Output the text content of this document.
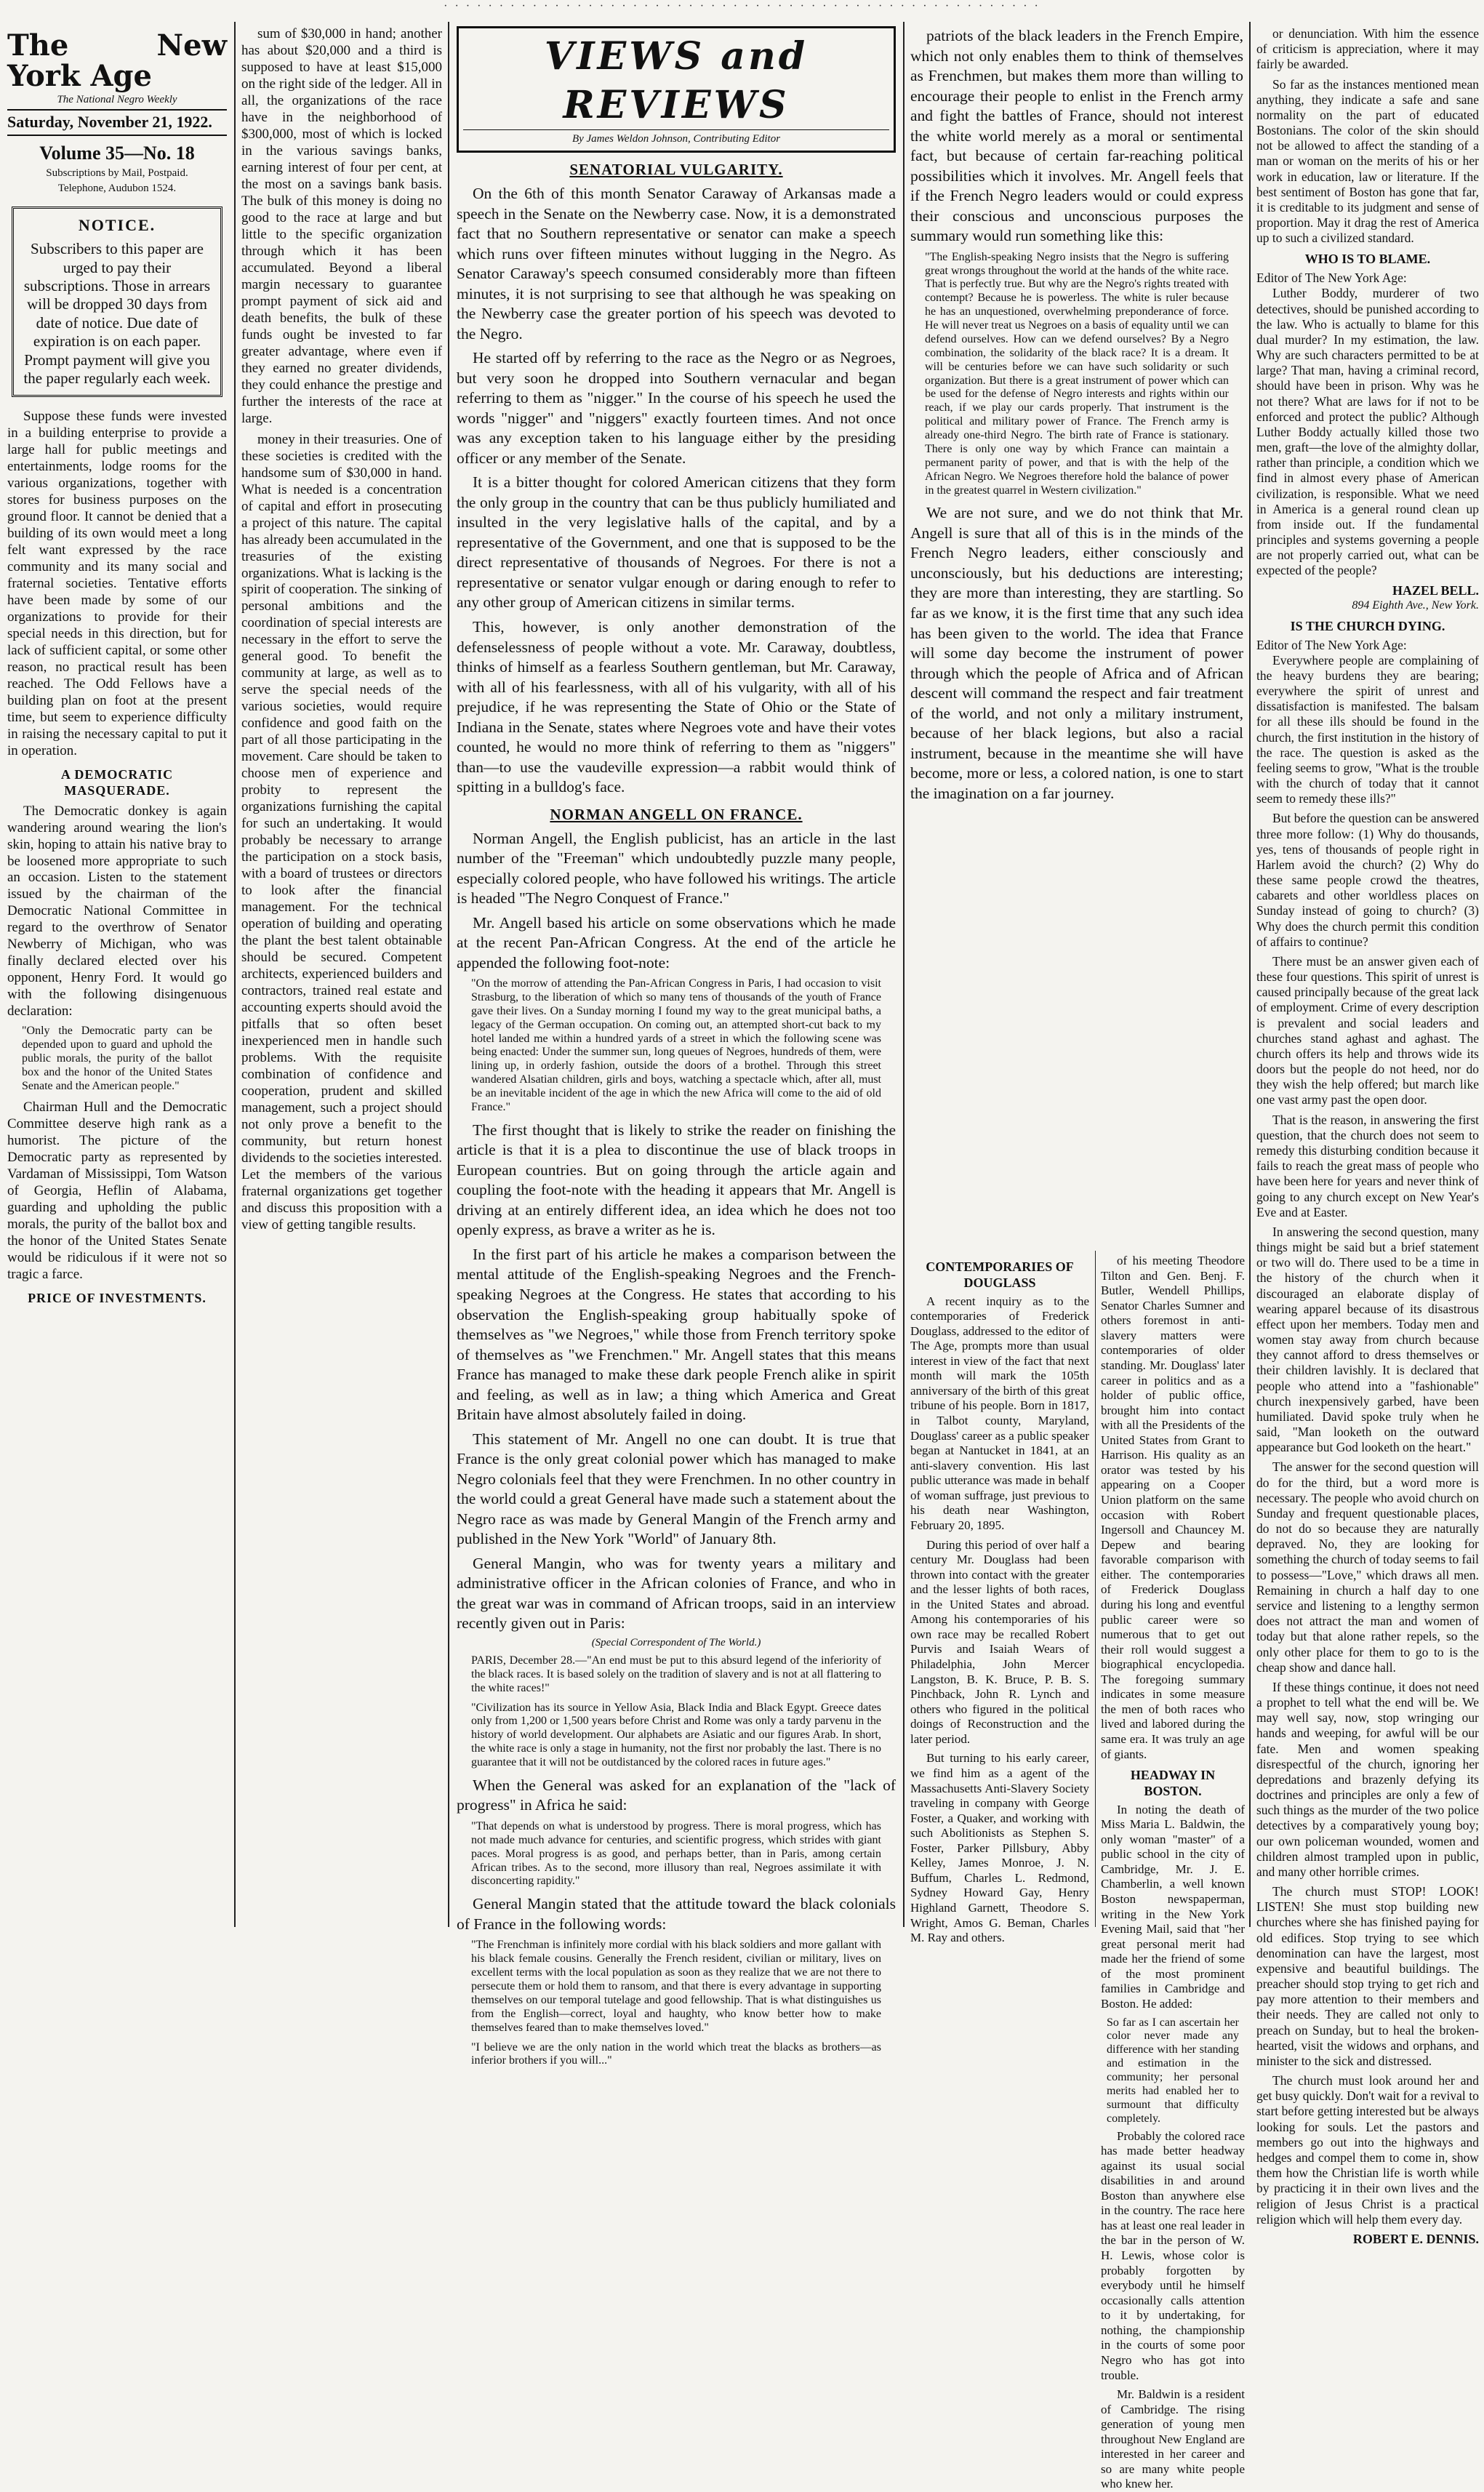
· · · · · · · · · · · · · · · · · · · · · · · · · · · · · · · · · · · · · · · · · · · · · · · · · · · · · ·
The New York Age
The National Negro Weekly
Saturday, November 21, 1922.
Volume 35—No. 18
Subscriptions by Mail, Postpaid.
Telephone, Audubon 1524.
NOTICE.
Subscribers to this paper are urged to pay their subscriptions. Those in arrears will be dropped 30 days from date of notice. Due date of expiration is on each paper. Prompt payment will give you the paper regularly each week.

Suppose these funds were invested in a building enterprise to provide a large hall for public meetings and entertainments, lodge rooms for the various organizations, together with stores for business purposes on the ground floor. It cannot be denied that a building of its own would meet a long felt want expressed by the race community and its many social and fraternal societies. Tentative efforts have been made by some of our organizations to provide for their special needs in this direction, but for lack of sufficient capital, or some other reason, no practical result has been reached. The Odd Fellows have a building plan on foot at the present time, but seem to experience difficulty in raising the necessary capital to put it in operation.

A DEMOCRATIC MASQUERADE.

The Democratic donkey is again wandering around wearing the lion's skin, hoping to attain his native bray to be loosened more appropriate to such an occasion. Listen to the statement issued by the chairman of the Democratic National Committee in regard to the overthrow of Senator Newberry of Michigan, who was finally declared elected over his opponent, Henry Ford. It would go with the following disingenuous declaration:

"Only the Democratic party can be depended upon to guard and uphold the public morals, the purity of the ballot box and the honor of the United States Senate and the American people."

Chairman Hull and the Democratic Committee deserve high rank as a humorist. The picture of the Democratic party as represented by Vardaman of Mississippi, Tom Watson of Georgia, Heflin of Alabama, guarding and upholding the public morals, the purity of the ballot box and the honor of the United States Senate would be ridiculous if it were not so tragic a farce.

PRICE OF INVESTMENTS.

sum of $30,000 in hand; another has about $20,000 and a third is supposed to have at least $15,000 on the right side of the ledger. All in all, the organizations of the race have in the neighborhood of $300,000, most of which is locked in the various savings banks, earning interest of four per cent, at the most on a savings bank basis. The bulk of this money is doing no good to the race at large and but little to the specific organization through which it has been accumulated. Beyond a liberal margin necessary to guarantee prompt payment of sick aid and death benefits, the bulk of these funds ought be invested to far greater advantage, where even if they earned no greater dividends, they could enhance the prestige and further the interests of the race at large.

money in their treasuries. One of these societies is credited with the handsome sum of $30,000 in hand. What is needed is a concentration of capital and effort in prosecuting a project of this nature. The capital has already been accumulated in the treasuries of the existing organizations. What is lacking is the spirit of cooperation. The sinking of personal ambitions and the coordination of special interests are necessary in the effort to serve the general good. To benefit the community at large, as well as to serve the special needs of the various societies, would require confidence and good faith on the part of all those participating in the movement. Care should be taken to choose men of experience and probity to represent the organizations furnishing the capital for such an undertaking. It would probably be necessary to arrange the participation on a stock basis, with a board of trustees or directors to look after the financial management. For the technical operation of building and operating the plant the best talent obtainable should be secured. Competent architects, experienced builders and contractors, trained real estate and accounting experts should avoid the pitfalls that so often beset inexperienced men in handle such problems. With the requisite combination of confidence and cooperation, prudent and skilled management, such a project should not only prove a benefit to the community, but return honest dividends to the societies interested. Let the members of the various fraternal organizations get together and discuss this proposition with a view of getting tangible results.

VIEWS and REVIEWS
By James Weldon Johnson, Contributing Editor
SENATORIAL VULGARITY.

On the 6th of this month Senator Caraway of Arkansas made a speech in the Senate on the Newberry case. Now, it is a demonstrated fact that no Southern representative or senator can make a speech which runs over fifteen minutes without lugging in the Negro. As Senator Caraway's speech consumed considerably more than fifteen minutes, it is not surprising to see that although he was speaking on the Newberry case the greater portion of his speech was devoted to the Negro.

He started off by referring to the race as the Negro or as Negroes, but very soon he dropped into Southern vernacular and began referring to them as "nigger." In the course of his speech he used the words "nigger" and "niggers" exactly fourteen times. And not once was any exception taken to his language either by the presiding officer or any member of the Senate.

It is a bitter thought for colored American citizens that they form the only group in the country that can be thus publicly humiliated and insulted in the very legislative halls of the capital, and by a representative of the Government, and one that is supposed to be the direct representative of thousands of Negroes. For there is not a representative or senator vulgar enough or daring enough to refer to any other group of American citizens in similar terms.

This, however, is only another demonstration of the defenselessness of people without a vote. Mr. Caraway, doubtless, thinks of himself as a fearless Southern gentleman, but Mr. Caraway, with all of his fearlessness, with all of his vulgarity, with all of his prejudice, if he was representing the State of Ohio or the State of Indiana in the Senate, states where Negroes vote and have their votes counted, he would no more think of referring to them as "niggers" than—to use the vaudeville expression—a rabbit would think of spitting in a bulldog's face.

NORMAN ANGELL ON FRANCE.

Norman Angell, the English publicist, has an article in the last number of the "Freeman" which undoubtedly puzzle many people, especially colored people, who have followed his writings. The article is headed "The Negro Conquest of France."

Mr. Angell based his article on some observations which he made at the recent Pan-African Congress. At the end of the article he appended the following foot-note:

"On the morrow of attending the Pan-African Congress in Paris, I had occasion to visit Strasburg, to the liberation of which so many tens of thousands of the youth of France gave their lives. On a Sunday morning I found my way to the great municipal baths, a legacy of the German occupation. On coming out, an attempted short-cut back to my hotel landed me within a hundred yards of a street in which the following scene was being enacted: Under the summer sun, long queues of Negroes, hundreds of them, were lining up, in orderly fashion, outside the doors of a brothel. Through this street wandered Alsatian children, girls and boys, watching a spectacle which, after all, must be an inevitable incident of the age in which the new Africa will come to the aid of old France."

The first thought that is likely to strike the reader on finishing the article is that it is a plea to discontinue the use of black troops in European countries. But on going through the article again and coupling the foot-note with the heading it appears that Mr. Angell is driving at an entirely different idea, an idea which he does not too openly express, as brave a writer as he is.

In the first part of his article he makes a comparison between the mental attitude of the English-speaking Negroes and the French-speaking Negroes at the Congress. He states that according to his observation the English-speaking group habitually spoke of themselves as "we Negroes," while those from French territory spoke of themselves as "we Frenchmen." Mr. Angell states that this means France has managed to make these dark people French alike in spirit and feeling, as well as in law; a thing which America and Great Britain have almost absolutely failed in doing.

This statement of Mr. Angell no one can doubt. It is true that France is the only great colonial power which has managed to make Negro colonials feel that they were Frenchmen. In no other country in the world could a great General have made such a statement about the Negro race as was made by General Mangin of the French army and published in the New York "World" of January 8th.

General Mangin, who was for twenty years a military and administrative officer in the African colonies of France, and who in the great war was in command of African troops, said in an interview recently given out in Paris:

(Special Correspondent of The World.)
PARIS, December 28.—"An end must be put to this absurd legend of the inferiority of the black races. It is based solely on the tradition of slavery and is not at all flattering to the white races!"
"Civilization has its source in Yellow Asia, Black India and Black Egypt. Greece dates only from 1,200 or 1,500 years before Christ and Rome was only a tardy parvenu in the history of world development. Our alphabets are Asiatic and our figures Arab. In short, the white race is only a stage in humanity, not the first nor probably the last. There is no guarantee that it will not be outdistanced by the colored races in future ages."

When the General was asked for an explanation of the "lack of progress" in Africa he said:

"That depends on what is understood by progress. There is moral progress, which has not made much advance for centuries, and scientific progress, which strides with giant paces. Moral progress is as good, and perhaps better, than in Paris, among certain African tribes. As to the second, more illusory than real, Negroes assimilate it with disconcerting rapidity."

General Mangin stated that the attitude toward the black colonials of France in the following words:

"The Frenchman is infinitely more cordial with his black soldiers and more gallant with his black female cousins. Generally the French resident, civilian or military, lives on excellent terms with the local population as soon as they realize that we are not there to persecute them or hold them to ransom, and that there is every advantage in supporting themselves on our temporal tutelage and good fellowship. That is what distinguishes us from the English—correct, loyal and haughty, who know better how to make themselves feared than to make themselves loved."
"I believe we are the only nation in the world which treat the blacks as brothers—as inferior brothers if you will..."

patriots of the black leaders in the French Empire, which not only enables them to think of themselves as Frenchmen, but makes them more than willing to encourage their people to enlist in the French army and fight the battles of France, should not interest the white world merely as a moral or sentimental fact, but because of certain far-reaching political possibilities which it involves. Mr. Angell feels that if the French Negro leaders would or could express their conscious and unconscious purposes the summary would run something like this:

"The English-speaking Negro insists that the Negro is suffering great wrongs throughout the world at the hands of the white race. That is perfectly true. But why are the Negro's rights treated with contempt? Because he is powerless. The white is ruler because he has an unquestioned, overwhelming preponderance of force. He will never treat us Negroes on a basis of equality until we can defend ourselves. How can we defend ourselves? By a Negro combination, the solidarity of the black race? It is a dream. It will be centuries before we can have such solidarity or such organization. But there is a great instrument of power which can be used for the defense of Negro interests and rights within our reach, if we play our cards properly. That instrument is the political and military power of France. The French army is already one-third Negro. The birth rate of France is stationary. There is only one way by which France can maintain a permanent parity of power, and that is with the help of the African Negro. We Negroes therefore hold the balance of power in the greatest quarrel in Western civilization."

We are not sure, and we do not think that Mr. Angell is sure that all of this is in the minds of the French Negro leaders, either consciously and unconsciously, but his deductions are interesting; they are more than interesting, they are startling. So far as we know, it is the first time that any such idea has been given to the world. The idea that France will some day become the instrument of power through which the people of Africa and of African descent will command the respect and fair treatment of the world, and not only a military instrument, because of her black legions, but also a racial instrument, because in the meantime she will have become, more or less, a colored nation, is one to start the imagination on a far journey.

CONTEMPORARIES OF DOUGLASS

A recent inquiry as to the contemporaries of Frederick Douglass, addressed to the editor of The Age, prompts more than usual interest in view of the fact that next month will mark the 105th anniversary of the birth of this great tribune of his people. Born in 1817, in Talbot county, Maryland, Douglass' career as a public speaker began at Nantucket in 1841, at an anti-slavery convention. His last public utterance was made in behalf of woman suffrage, just previous to his death near Washington, February 20, 1895.

During this period of over half a century Mr. Douglass had been thrown into contact with the greater and the lesser lights of both races, in the United States and abroad. Among his contemporaries of his own race may be recalled Robert Purvis and Isaiah Wears of Philadelphia, John Mercer Langston, B. K. Bruce, P. B. S. Pinchback, John R. Lynch and others who figured in the political doings of Reconstruction and the later period.

But turning to his early career, we find him as a agent of the Massachusetts Anti-Slavery Society traveling in company with George Foster, a Quaker, and working with such Abolitionists as Stephen S. Foster, Parker Pillsbury, Abby Kelley, James Monroe, J. N. Buffum, Charles L. Redmond, Sydney Howard Gay, Henry Highland Garnett, Theodore S. Wright, Amos G. Beman, Charles M. Ray and others.

of his meeting Theodore Tilton and Gen. Benj. F. Butler, Wendell Phillips, Senator Charles Sumner and others foremost in anti-slavery matters were contemporaries of older standing. Mr. Douglass' later career in politics and as a holder of public office, brought him into contact with all the Presidents of the United States from Grant to Harrison. His quality as an orator was tested by his appearing on a Cooper Union platform on the same occasion with Robert Ingersoll and Chauncey M. Depew and bearing favorable comparison with either. The contemporaries of Frederick Douglass during his long and eventful public career were so numerous that to get out their roll would suggest a biographical encyclopedia. The foregoing summary indicates in some measure the men of both races who lived and labored during the same era. It was truly an age of giants.

HEADWAY IN BOSTON.

In noting the death of Miss Maria L. Baldwin, the only woman "master" of a public school in the city of Cambridge, Mr. J. E. Chamberlin, a well known Boston newspaperman, writing in the New York Evening Mail, said that "her great personal merit had made her the friend of some of the most prominent families in Cambridge and Boston. He added:

So far as I can ascertain her color never made any difference with her standing and estimation in the community; her personal merits had enabled her to surmount that difficulty completely.

Probably the colored race has made better headway against its usual social disabilities in and around Boston than anywhere else in the country. The race here has at least one real leader in the bar in the person of W. H. Lewis, whose color is probably forgotten by everybody until he himself occasionally calls attention to it by undertaking, for nothing, the championship in the courts of some poor Negro who has got into trouble.

Mr. Baldwin is a resident of Cambridge. The rising generation of young men throughout New England are interested in her career and so are many white people who knew her.

or denunciation. With him the essence of criticism is appreciation, where it may fairly be awarded.

So far as the instances mentioned mean anything, they indicate a safe and sane normality on the part of educated Bostonians. The color of the skin should not be allowed to affect the standing of a man or woman on the merits of his or her work in education, law or literature. If the best sentiment of Boston has gone that far, it is creditable to its judgment and sense of proportion. May it drag the rest of America up to such a civilized standard.

WHO IS TO BLAME.
Editor of The New York Age:

Luther Boddy, murderer of two detectives, should be punished according to the law. Who is actually to blame for this dual murder? In my estimation, the law. Why are such characters permitted to be at large? That man, having a criminal record, should have been in prison. Why was he not there? What are laws for if not to be enforced and protect the public? Although Luther Boddy actually killed those two men, graft—the love of the almighty dollar, rather than principle, a condition which we find in almost every phase of American civilization, is responsible. What we need in America is a general round clean up from inside out. If the fundamental principles and systems governing a people are not properly carried out, what can be expected of the people?

HAZEL BELL.
894 Eighth Ave., New York.
IS THE CHURCH DYING.
Editor of The New York Age:

Everywhere people are complaining of the heavy burdens they are bearing; everywhere the spirit of unrest and dissatisfaction is manifested. The balsam for all these ills should be found in the church, the first institution in the history of the race. The question is asked as the feeling seems to grow, "What is the trouble with the church of today that it cannot seem to remedy these ills?"

But before the question can be answered three more follow: (1) Why do thousands, yes, tens of thousands of people right in Harlem avoid the church? (2) Why do these same people crowd the theatres, cabarets and other worldless places on Sunday instead of going to church? (3) Why does the church permit this condition of affairs to continue?

There must be an answer given each of these four questions. This spirit of unrest is caused principally because of the great lack of employment. Crime of every description is prevalent and social leaders and churches stand aghast and aghast. The church offers its help and throws wide its doors but the people do not heed, nor do they wish the help offered; but march like one vast army past the open door.

That is the reason, in answering the first question, that the church does not seem to remedy this disturbing condition because it fails to reach the great mass of people who have been here for years and never think of going to any church except on New Year's Eve and at Easter.

In answering the second question, many things might be said but a brief statement or two will do. There used to be a time in the history of the church when it discouraged an elaborate display of wearing apparel because of its disastrous effect upon her members. Today men and women stay away from church because they cannot afford to dress themselves or their children lavishly. It is declared that people who attend into a "fashionable" church inexpensively garbed, have been humiliated. David spoke truly when he said, "Man looketh on the outward appearance but God looketh on the heart."

The answer for the second question will do for the third, but a word more is necessary. The people who avoid church on Sunday and frequent questionable places, do not do so because they are naturally depraved. No, they are looking for something the church of today seems to fail to possess—"Love," which draws all men. Remaining in church a half day to one service and listening to a lengthy sermon does not attract the man and women of today but that alone rather repels, so the only other place for them to go to is the cheap show and dance hall.

If these things continue, it does not need a prophet to tell what the end will be. We may well say, now, stop wringing our hands and weeping, for awful will be our fate. Men and women speaking disrespectful of the church, ignoring her depredations and brazenly defying its doctrines and principles are only a few of such things as the murder of the two police detectives by a comparatively young boy; our own policeman wounded, women and children almost trampled upon in public, and many other horrible crimes.

The church must STOP! LOOK! LISTEN! She must stop building new churches where she has finished paying for old edifices. Stop trying to see which denomination can have the largest, most expensive and beautiful buildings. The preacher should stop trying to get rich and pay more attention to their members and their needs. They are called not only to preach on Sunday, but to heal the broken-hearted, visit the widows and orphans, and minister to the sick and distressed.

The church must look around her and get busy quickly. Don't wait for a revival to start before getting interested but be always looking for souls. Let the pastors and members go out into the highways and hedges and compel them to come in, show them how the Christian life is worth while by practicing it in their own lives and the religion of Jesus Christ is a practical religion which will help them every day.

ROBERT E. DENNIS.
